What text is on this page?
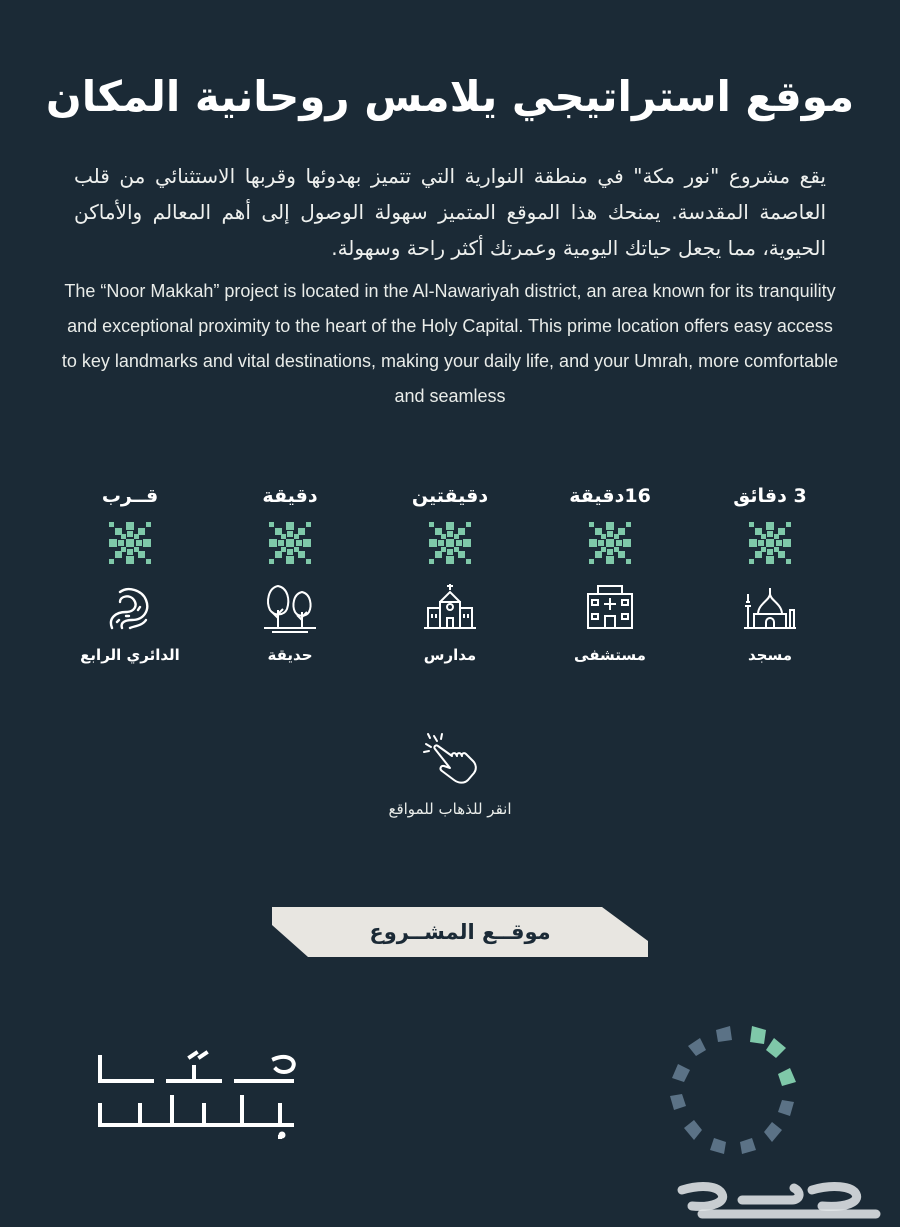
موقع استراتيجي يلامس روحانية المكان
يقع مشروع "نور مكة" في منطقة النوارية التي تتميز بهدوئها وقربها الاستثنائي من قلب العاصمة المقدسة. يمنحك هذا الموقع المتميز سهولة الوصول إلى أهم المعالم والأماكن الحيوية، مما يجعل حياتك اليومية وعمرتك أكثر راحة وسهولة.
The “Noor Makkah” project is located in the Al-Nawariyah district, an area known for its tranquility and exceptional proximity to the heart of the Holy Capital. This prime location offers easy access to key landmarks and vital destinations, making your daily life, and your Umrah, more comfortable and seamless
3 دقائق
مسجد
16دقيقة
مستشفى
دقيقتين
مدارس
دقيقة
حديقة
قــرب
الدائري الرابع
انقر للذهاب للمواقع
موقــع المشــروع
